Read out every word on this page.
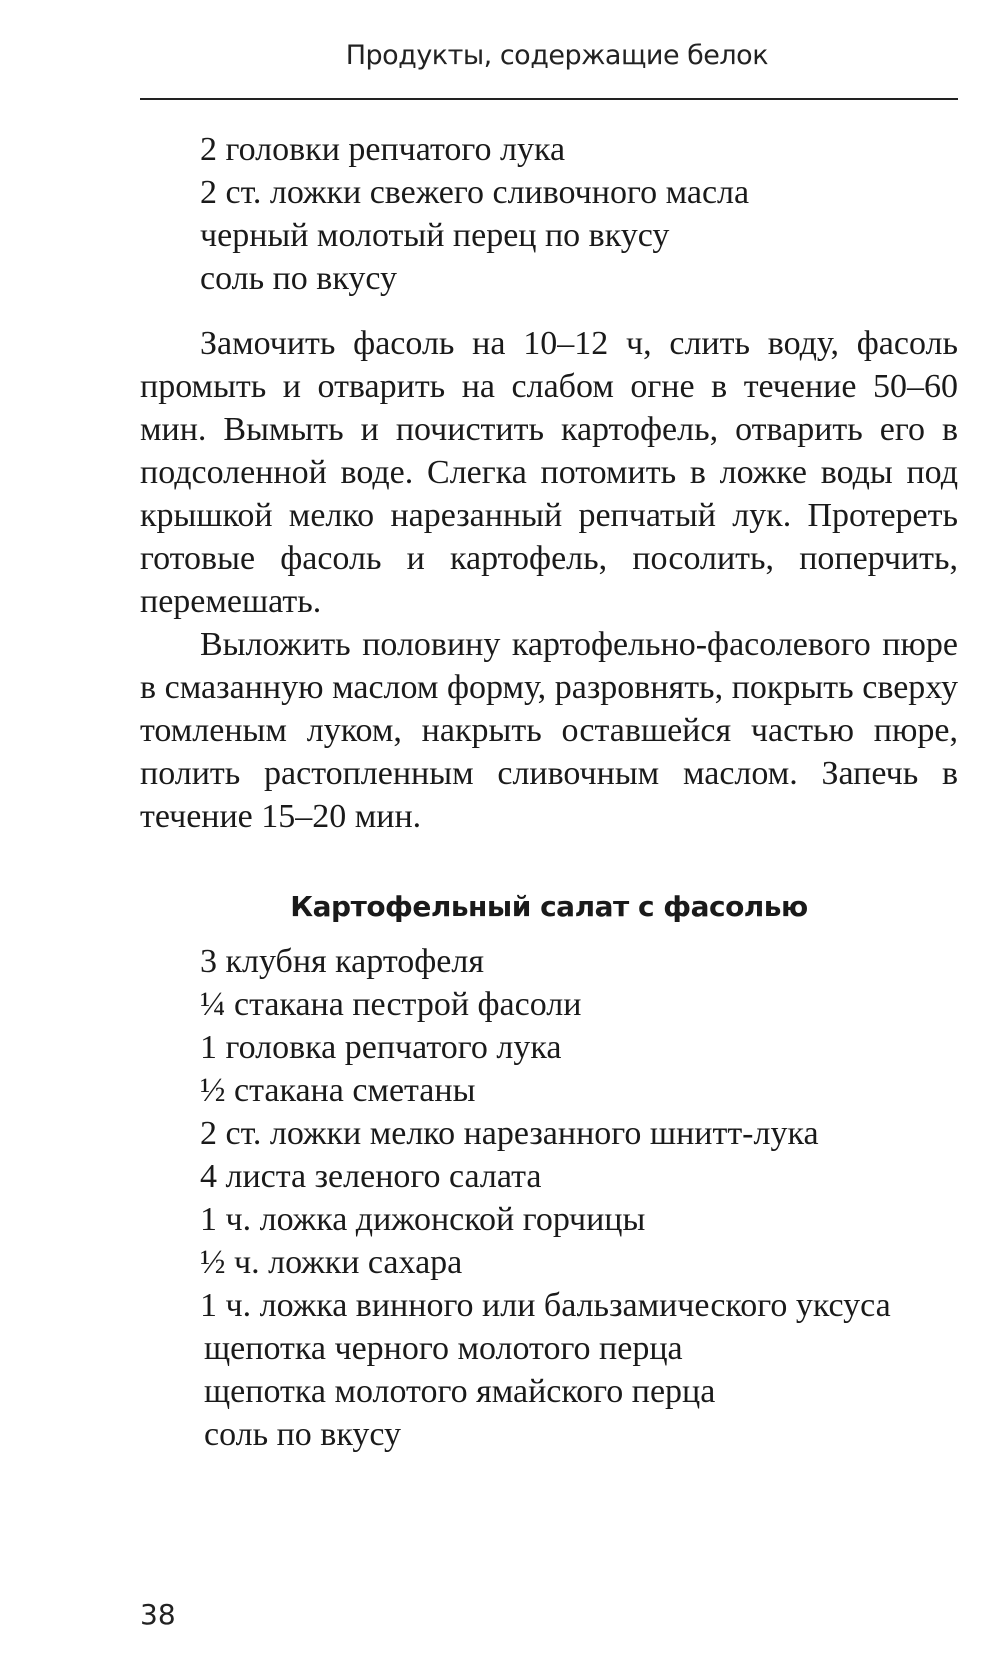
Продукты, содержащие белок
2 головки репчатого лука
2 ст. ложки свежего сливочного масла
черный молотый перец по вкусу
соль по вкусу

Замочить фасоль на 10–12 ч, слить воду, фасоль промыть и отварить на слабом огне в течение 50–60 мин. Вымыть и почистить картофель, отварить его в подсоленной воде. Слегка потомить в ложке воды под крышкой мелко нарезанный репчатый лук. Протереть готовые фасоль и картофель, посолить, поперчить, перемешать.

Выложить половину картофельно-фасолевого пюре в смазанную маслом форму, разровнять, покрыть сверху томленым луком, накрыть оставшейся частью пюре, полить растопленным сливочным маслом. Запечь в течение 15–20 мин.

Картофельный салат с фасолью
3 клубня картофеля
¼ стакана пестрой фасоли
1 головка репчатого лука
½ стакана сметаны
2 ст. ложки мелко нарезанного шнитт-лука
4 листа зеленого салата
1 ч. ложка дижонской горчицы
½ ч. ложки сахара
1 ч. ложка винного или бальзамического уксуса
щепотка черного молотого перца
щепотка молотого ямайского перца
соль по вкусу
38
